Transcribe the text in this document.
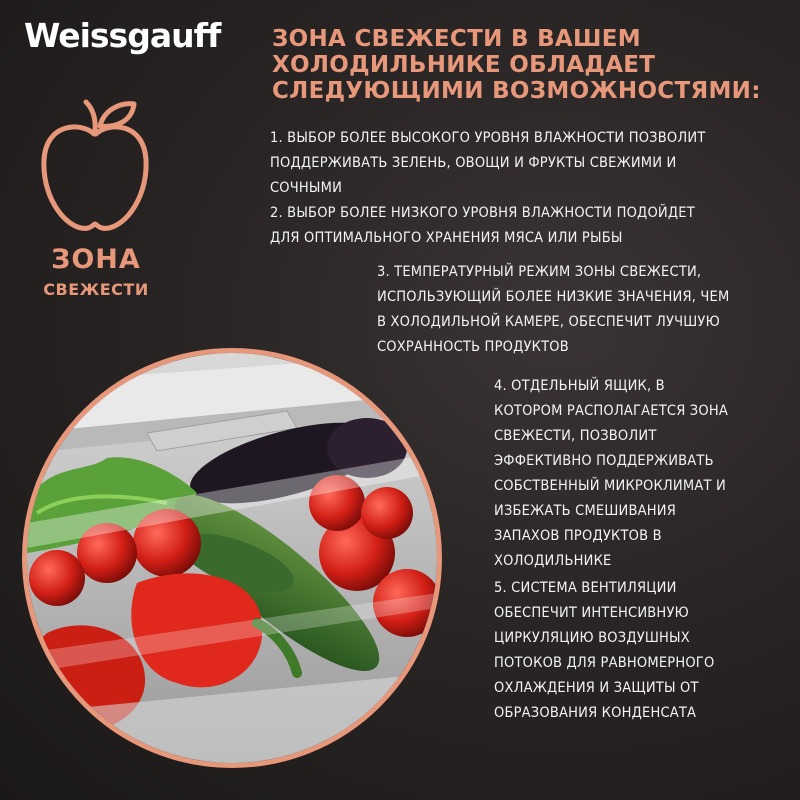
Weissgauff ЗОНА СВЕЖЕСТИ В ВАШЕМ
ХОЛОДИЛЬНИКЕ ОБЛАДАЕТ
СЛЕДУЮЩИМИ ВОЗМОЖНОСТЯМИ:
ЗОНА
СВЕЖЕСТИ
1. ВЫБОР БОЛЕЕ ВЫСОКОГО УРОВНЯ ВЛАЖНОСТИ ПОЗВОЛИТ
ПОДДЕРЖИВАТЬ ЗЕЛЕНЬ, ОВОЩИ И ФРУКТЫ СВЕЖИМИ И
СОЧНЫМИ
2. ВЫБОР БОЛЕЕ НИЗКОГО УРОВНЯ ВЛАЖНОСТИ ПОДОЙДЕТ
ДЛЯ ОПТИМАЛЬНОГО ХРАНЕНИЯ МЯСА ИЛИ РЫБЫ
3. ТЕМПЕРАТУРНЫЙ РЕЖИМ ЗОНЫ СВЕЖЕСТИ,
ИСПОЛЬЗУЮЩИЙ БОЛЕЕ НИЗКИЕ ЗНАЧЕНИЯ, ЧЕМ
В ХОЛОДИЛЬНОЙ КАМЕРЕ, ОБЕСПЕЧИТ ЛУЧШУЮ
СОХРАННОСТЬ ПРОДУКТОВ
4. ОТДЕЛЬНЫЙ ЯЩИК, В
КОТОРОМ РАСПОЛАГАЕТСЯ ЗОНА
СВЕЖЕСТИ, ПОЗВОЛИТ
ЭФФЕКТИВНО ПОДДЕРЖИВАТЬ
СОБСТВЕННЫЙ МИКРОКЛИМАТ И
ИЗБЕЖАТЬ СМЕШИВАНИЯ
ЗАПАХОВ ПРОДУКТОВ В
ХОЛОДИЛЬНИКЕ
5. СИСТЕМА ВЕНТИЛЯЦИИ
ОБЕСПЕЧИТ ИНТЕНСИВНУЮ
ЦИРКУЛЯЦИЮ ВОЗДУШНЫХ
ПОТОКОВ ДЛЯ РАВНОМЕРНОГО
ОХЛАЖДЕНИЯ И ЗАЩИТЫ ОТ
ОБРАЗОВАНИЯ КОНДЕНСАТА
